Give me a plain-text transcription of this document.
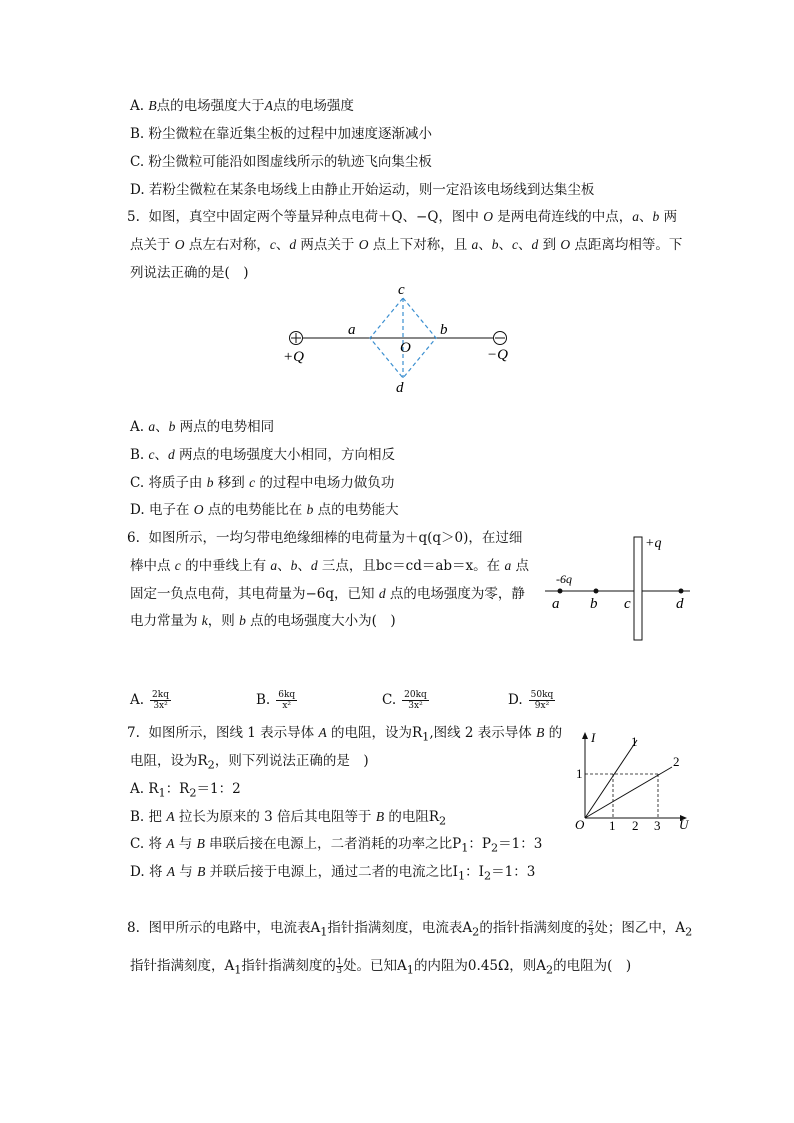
A. B点的电场强度大于A点的电场强度
B. 粉尘微粒在靠近集尘板的过程中加速度逐渐减小
C. 粉尘微粒可能沿如图虚线所示的轨迹飞向集尘板
D. 若粉尘微粒在某条电场线上由静止开始运动，则一定沿该电场线到达集尘板
5. 如图，真空中固定两个等量异种点电荷＋Q、−Q，图中 O 是两电荷连线的中点，a、b 两
点关于 O 点左右对称，c、d 两点关于 O 点上下对称，且 a、b、c、d 到 O 点距离均相等。下
列说法正确的是(　)
+Q	−Q
a	b
c
d
O
A. a、b 两点的电势相同
B. c、d 两点的电场强度大小相同，方向相反
C. 将质子由 b 移到 c 的过程中电场力做负功
D. 电子在 O 点的电势能比在 b 点的电势能大
6. 如图所示，一均匀带电绝缘细棒的电荷量为＋q(q＞0)，在过细
棒中点 c 的中垂线上有 a、b、d 三点，且bc＝cd＝ab＝x。在 a 点
固定一负点电荷，其电荷量为−6q，已知 d 点的电场强度为零，静
电力常量为 k，则 b 点的电场强度大小为(　)
+q
-6q
a b c	d
A. $\frac{2kq}{\text{3x²}}$	B. $\frac{6kq}{\text{x²}}$	C. $\frac{20kq}{\text{3x²}}$	D. $\frac{50kq}{\text{9x²}}$
7. 如图所示，图线 1 表示导体 A 的电阻，设为$R_1$,图线 2 表示导体 B 的
电阻，设为$R_2$，则下列说法正确的是　)
A. $R_1$：$R_2=1$：2
B. 把 A 拉长为原来的 3 倍后其电阻等于 B 的电阻$R_2$
C. 将 A 与 B 串联后接在电源上，二者消耗的功率之比$P_1$：$P_2=1$：3
D. 将 A 与 B 并联后接于电源上，通过二者的电流之比$I_1$：$I_2=1$：3
I
U
O
1
2
1
1 2 3
8. 图甲所示的电路中，电流表$A_1$指针指满刻度，电流表$A_2$的指针指满刻度的 $\frac{2}{3}$ 处；图乙中，$A_2$
指针指满刻度，$A_1$指针指满刻度的 $\frac{1}{3}$ 处。已知$A_1$的内阻为0.45Ω，则$A_2$的电阻为(　)
